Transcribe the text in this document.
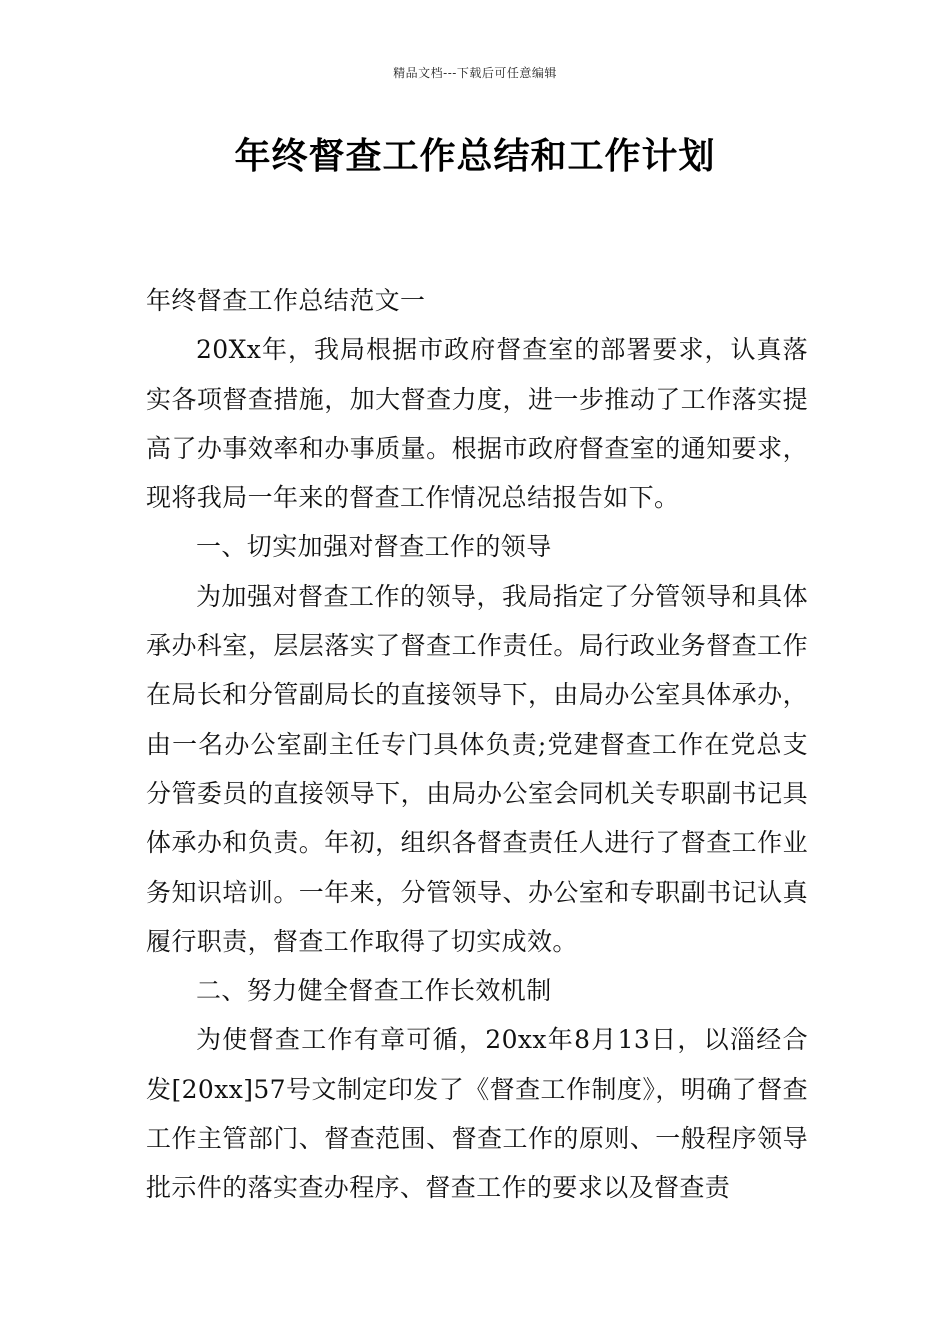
精品文档---下载后可任意编辑
年终督查工作总结和工作计划

年终督查工作总结范文一

20Xx年，我局根据市政府督查室的部署要求，认真落实各项督查措施，加大督查力度，进一步推动了工作落实提高了办事效率和办事质量。根据市政府督查室的通知要求，现将我局一年来的督查工作情况总结报告如下。

一、切实加强对督查工作的领导

为加强对督查工作的领导，我局指定了分管领导和具体承办科室，层层落实了督查工作责任。局行政业务督查工作在局长和分管副局长的直接领导下，由局办公室具体承办，由一名办公室副主任专门具体负责;党建督查工作在党总支分管委员的直接领导下，由局办公室会同机关专职副书记具体承办和负责。年初，组织各督查责任人进行了督查工作业务知识培训。一年来，分管领导、办公室和专职副书记认真履行职责，督查工作取得了切实成效。

二、努力健全督查工作长效机制

为使督查工作有章可循，20xx年8月13日，以淄经合发[20xx]57号文制定印发了《督查工作制度》，明确了督查工作主管部门、督查范围、督查工作的原则、一般程序领导批示件的落实查办程序、督查工作的要求以及督查责
